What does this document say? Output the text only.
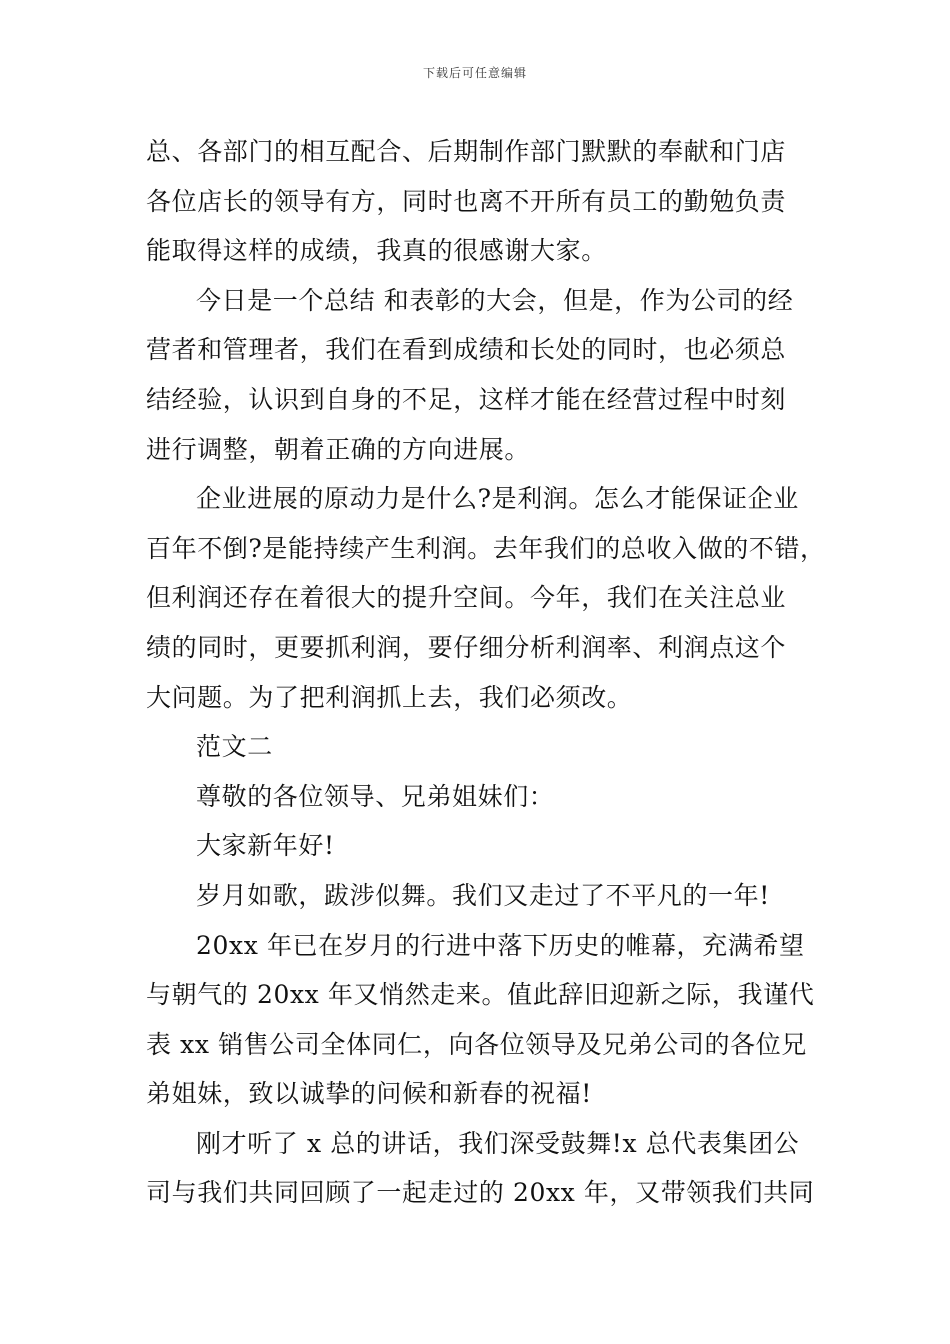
下载后可任意编辑
总、各部门的相互配合、后期制作部门默默的奉献和门店
各位店长的领导有方，同时也离不开所有员工的勤勉负责
能取得这样的成绩，我真的很感谢大家。
今日是一个总结 和表彰的大会，但是，作为公司的经
营者和管理者，我们在看到成绩和长处的同时，也必须总
结经验，认识到自身的不足，这样才能在经营过程中时刻
进行调整，朝着正确的方向进展。
企业进展的原动力是什么?是利润。怎么才能保证企业
百年不倒?是能持续产生利润。去年我们的总收入做的不错，
但利润还存在着很大的提升空间。今年，我们在关注总业
绩的同时，更要抓利润，要仔细分析利润率、利润点这个
大问题。为了把利润抓上去，我们必须改。
范文二
尊敬的各位领导、兄弟姐妹们：
大家新年好!
岁月如歌，跋涉似舞。我们又走过了不平凡的一年!
20xx 年已在岁月的行进中落下历史的帷幕，充满希望
与朝气的 20xx 年又悄然走来。值此辞旧迎新之际，我谨代
表 xx 销售公司全体同仁，向各位领导及兄弟公司的各位兄
弟姐妹，致以诚挚的问候和新春的祝福!
刚才听了 x 总的讲话，我们深受鼓舞!x 总代表集团公
司与我们共同回顾了一起走过的 20xx 年，又带领我们共同
